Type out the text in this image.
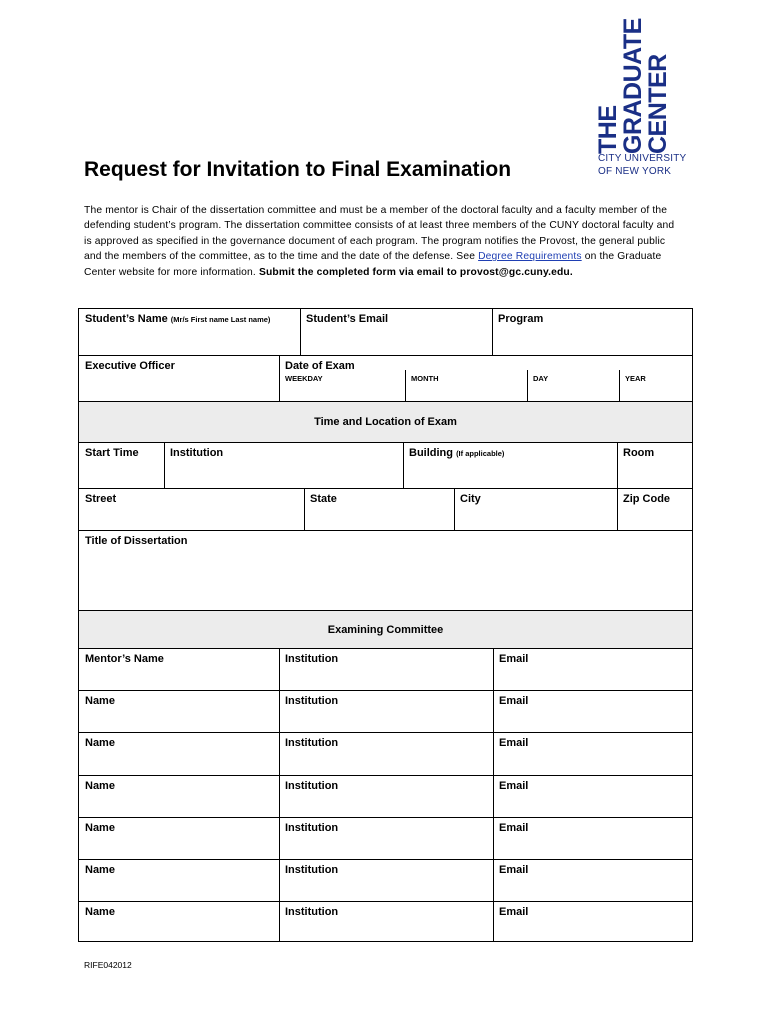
THE
GRADUATE
CENTER
CITY UNIVERSITY
OF NEW YORK
Request for Invitation to Final Examination
The mentor is Chair of the dissertation committee and must be a member of the doctoral faculty and a faculty member of the defending student’s program. The dissertation committee consists of at least three members of the CUNY doctoral faculty and is approved as specified in the governance document of each program. The program notifies the Provost, the general public and the members of the committee, as to the time and the date of the defense. See Degree Requirements on the Graduate Center website for more information. Submit the completed form via email to provost@gc.cuny.edu.
Student’s Name (Mr/s First name Last name)	Student’s Email	Program
Executive Officer	Date of Exam
WEEKDAY	MONTH	DAY	YEAR
Time and Location of Exam
Start Time	Institution	Building (If applicable)	Room
Street	State	City	Zip Code
Title of Dissertation
Examining Committee
Mentor’s Name	Institution	Email
Name	Institution	Email
Name	Institution	Email
Name	Institution	Email
Name	Institution	Email
Name	Institution	Email
Name	Institution	Email
RIFE042012
